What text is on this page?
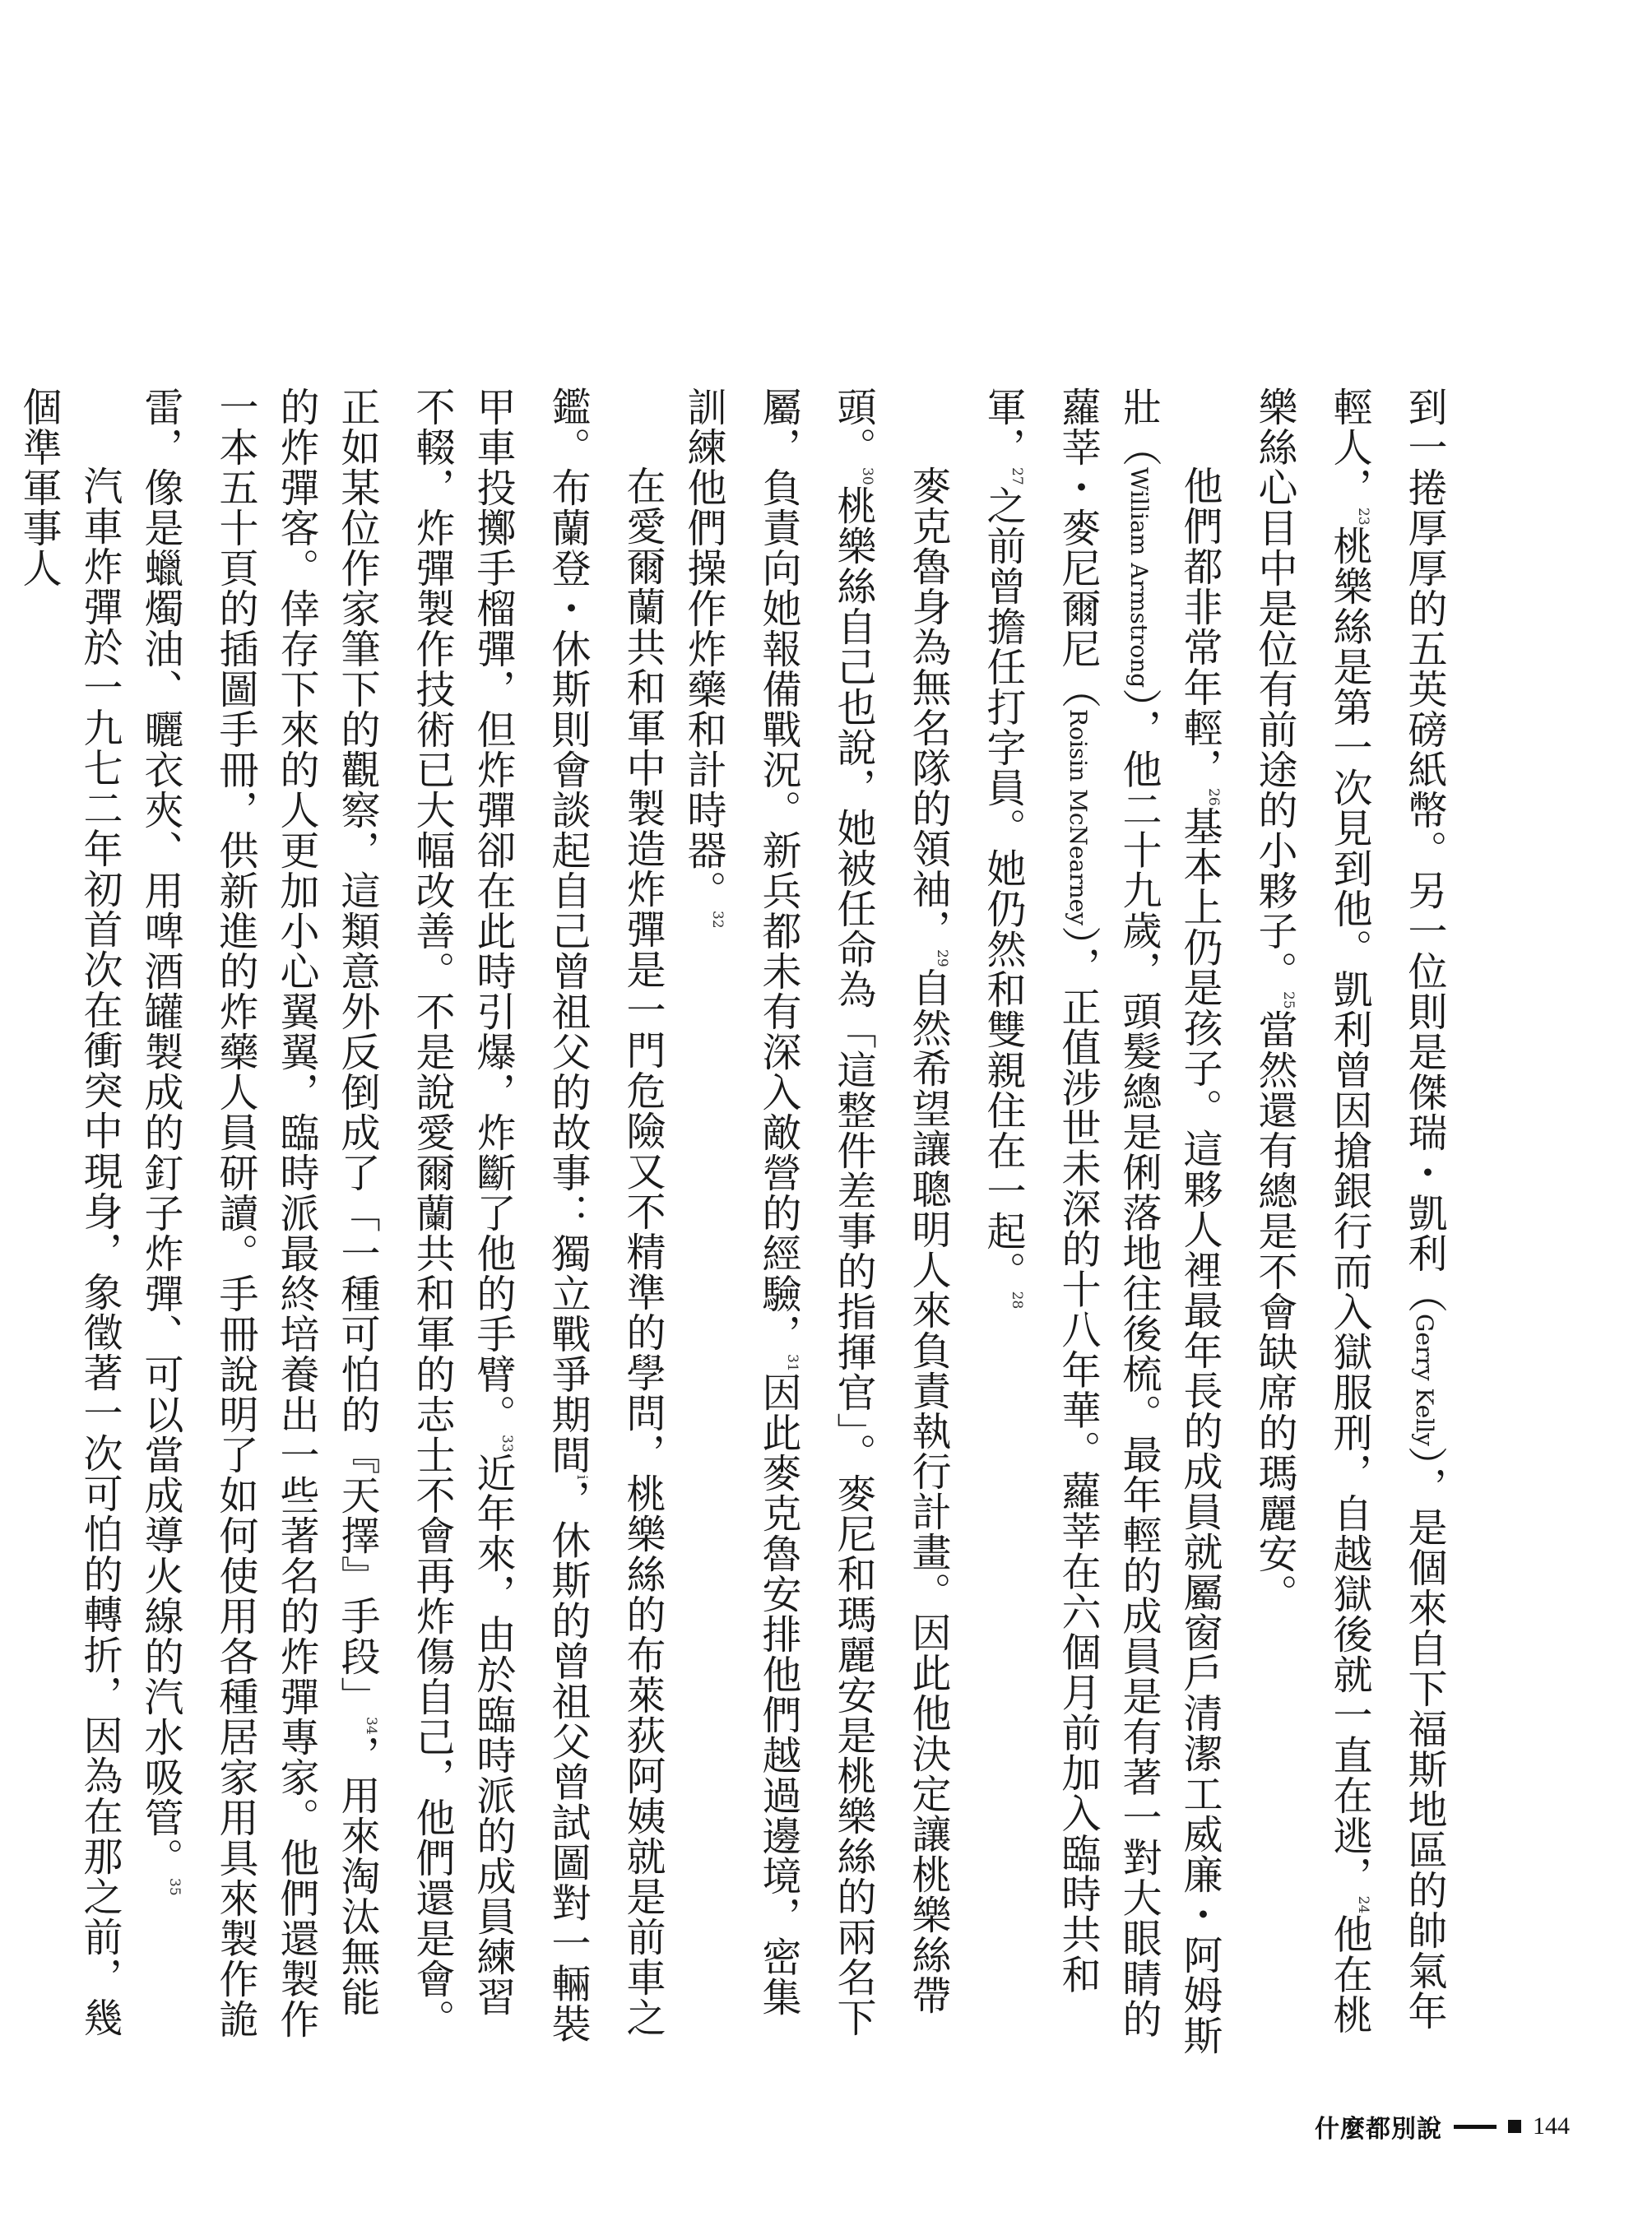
到一捲厚厚的五英磅紙幣。另一位則是傑瑞・凱利（Gerry Kelly），是個來自下福斯地區的帥氣年輕人，$^{23}$桃樂絲是第一次見到他。凱利曾因搶銀行而入獄服刑，自越獄後就一直在逃，$^{24}$他在桃樂絲心目中是位有前途的小夥子。$^{25}$當然還有總是不會缺席的瑪麗安。

他們都非常年輕，$^{26}$基本上仍是孩子。這夥人裡最年長的成員就屬窗戶清潔工威廉・阿姆斯壯（William Armstrong），他二十九歲，頭髮總是俐落地往後梳。最年輕的成員是有著一對大眼睛的蘿莘・麥尼爾尼（Roisin McNearney），正值涉世未深的十八年華。蘿莘在六個月前加入臨時共和軍，$^{27}$之前曾擔任打字員。她仍然和雙親住在一起。$^{28}$

麥克魯身為無名隊的領袖，$^{29}$自然希望讓聰明人來負責執行計畫。因此他決定讓桃樂絲帶頭。$^{30}$桃樂絲自己也說，她被任命為「這整件差事的指揮官」。麥尼和瑪麗安是桃樂絲的兩名下屬，負責向她報備戰況。新兵都未有深入敵營的經驗，$^{31}$因此麥克魯安排他們越過邊境，密集訓練他們操作炸藥和計時器。$^{32}$

在愛爾蘭共和軍中製造炸彈是一門危險又不精準的學問，桃樂絲的布萊荻阿姨就是前車之鑑。布蘭登・休斯則會談起自己曾祖父的故事：獨立戰爭期間$^i$，休斯的曾祖父曾試圖對一輛裝甲車投擲手榴彈，但炸彈卻在此時引爆，炸斷了他的手臂。$^{33}$近年來，由於臨時派的成員練習不輟，炸彈製作技術已大幅改善。不是說愛爾蘭共和軍的志士不會再炸傷自己，他們還是會。正如某位作家筆下的觀察，這類意外反倒成了「一種可怕的『天擇』手段」$^{34}$，用來淘汰無能的炸彈客。倖存下來的人更加小心翼翼，臨時派最終培養出一些著名的炸彈專家。他們還製作一本五十頁的插圖手冊，供新進的炸藥人員研讀。手冊說明了如何使用各種居家用具來製作詭雷，像是蠟燭油、曬衣夾、用啤酒罐製成的釘子炸彈、可以當成導火線的汽水吸管。$^{35}$

汽車炸彈於一九七二年初首次在衝突中現身，象徵著一次可怕的轉折，因為在那之前，幾個準軍事人

什麼都別說	144
